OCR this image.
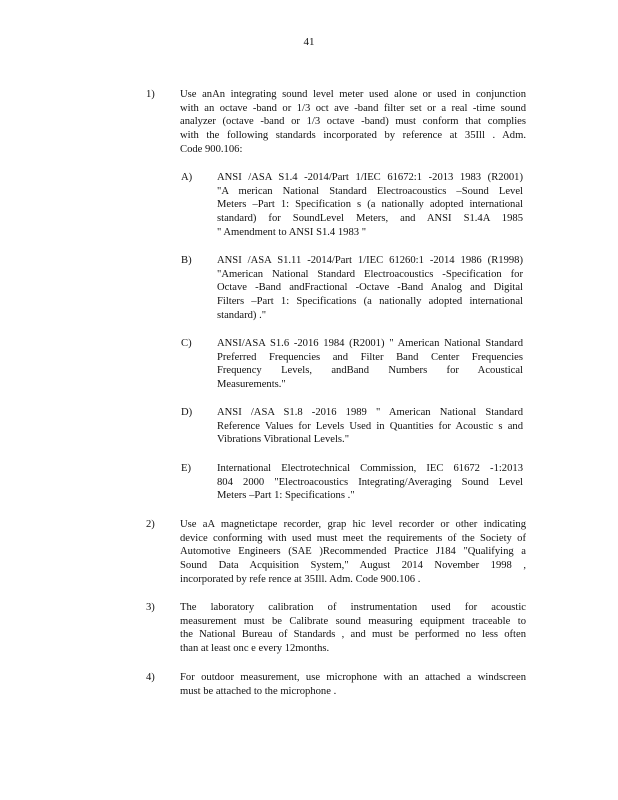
41
1) Use anAn integrating sound level meter used alone or used in conjunction
with an octave -band or 1/3 oct ave -band filter set or a real -time sound
analyzer (octave -band or 1/3 octave -band) must conform that complies
with the following standards incorporated by reference at 35Ill . Adm.
Code 900.106:
A) ANSI /ASA S1.4 -2014/Part 1/IEC 61672:1 -2013 1983 (R2001)
"A merican National Standard Electroacoustics –Sound Level
Meters –Part 1: Specification s (a nationally adopted international
standard) for SoundLevel Meters, and ANSI S1.4A 1985
" Amendment to ANSI S1.4 1983 "
B) ANSI /ASA S1.11 -2014/Part 1/IEC 61260:1 -2014 1986 (R1998)
"American National Standard Electroacoustics -Specification for
Octave -Band andFractional -Octave -Band Analog and Digital
Filters –Part 1: Specifications (a nationally adopted international
standard) ."
C) ANSI/ASA S1.6 -2016 1984 (R2001) " American National Standard
Preferred Frequencies and Filter Band Center Frequencies
Frequency Levels, andBand Numbers for Acoustical
Measurements."
D) ANSI /ASA S1.8 -2016 1989 " American National Standard
Reference Values for Levels Used in Quantities for Acoustic s and
Vibrations Vibrational Levels."
E) International Electrotechnical Commission, IEC 61672 -1:2013
804 2000 "Electroacoustics Integrating/Averaging Sound Level
Meters –Part 1: Specifications ."
2) Use aA magnetictape recorder, grap hic level recorder or other indicating
device conforming with used must meet the requirements of the Society of
Automotive Engineers (SAE )Recommended Practice J184 "Qualifying a
Sound Data Acquisition System," August 2014 November 1998 ,
incorporated by refe rence at 35Ill. Adm. Code 900.106 .
3) The laboratory calibration of instrumentation used for acoustic
measurement must be Calibrate sound measuring equipment traceable to
the National Bureau of Standards , and must be performed no less often
than at least onc e every 12months.
4) For outdoor measurement, use microphone with an attached a windscreen
must be attached to the microphone .
